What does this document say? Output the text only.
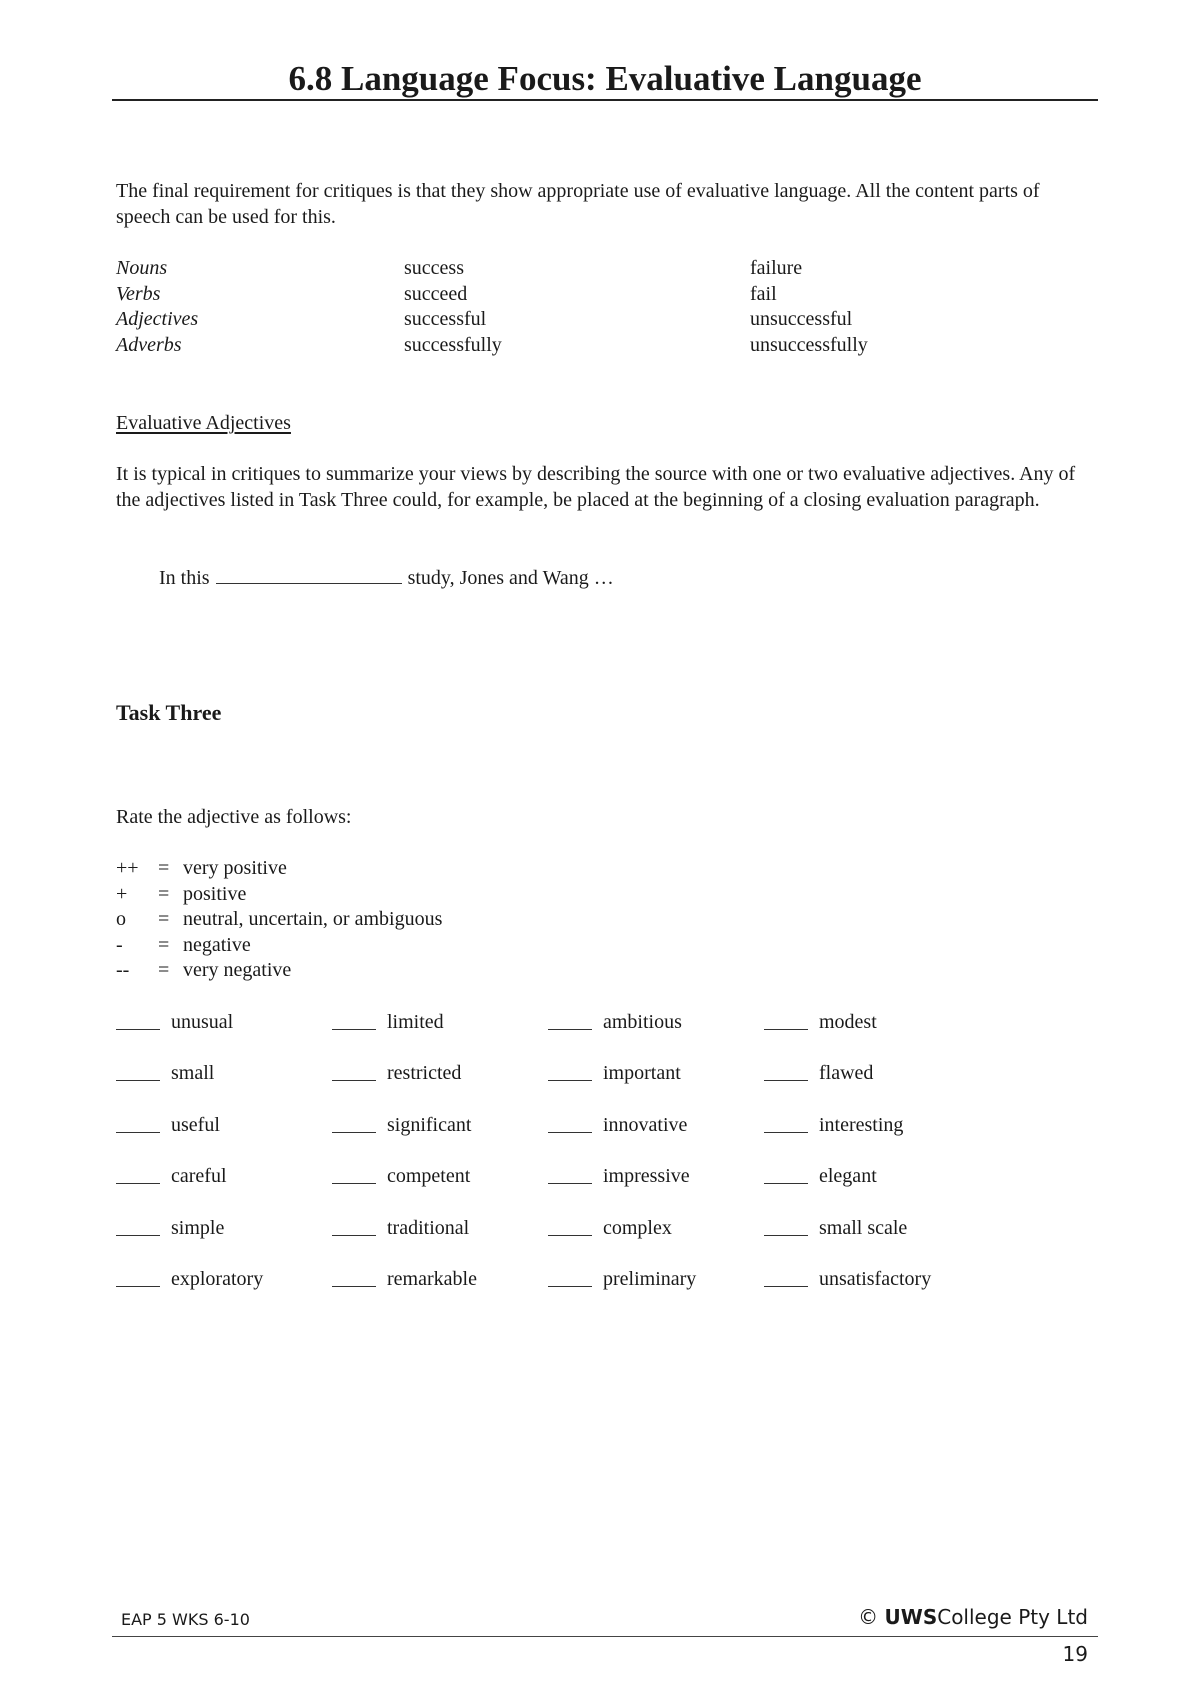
6.8 Language Focus: Evaluative Language
The final requirement for critiques is that they show appropriate use of evaluative language. All the content parts of speech can be used for this.
Nouns	success	failure
Verbs	succeed	fail
Adjectives	successful	unsuccessful
Adverbs	successfully	unsuccessfully
Evaluative Adjectives
It is typical in critiques to summarize your views by describing the source with one or two evaluative adjectives. Any of the adjectives listed in Task Three could, for example, be placed at the beginning of a closing evaluation paragraph.
In this	study, Jones and Wang …
Task Three
Rate the adjective as follows:
++ = very positive
+ = positive
o = neutral, uncertain, or ambiguous
- = negative
-- = very negative
unusual	limited	ambitious	modest
small	restricted	important	flawed
useful	significant	innovative	interesting
careful	competent	impressive	elegant
simple	traditional	complex	small scale
exploratory	remarkable	preliminary	unsatisfactory
EAP 5 WKS 6-10	© UWSCollege Pty Ltd
19
